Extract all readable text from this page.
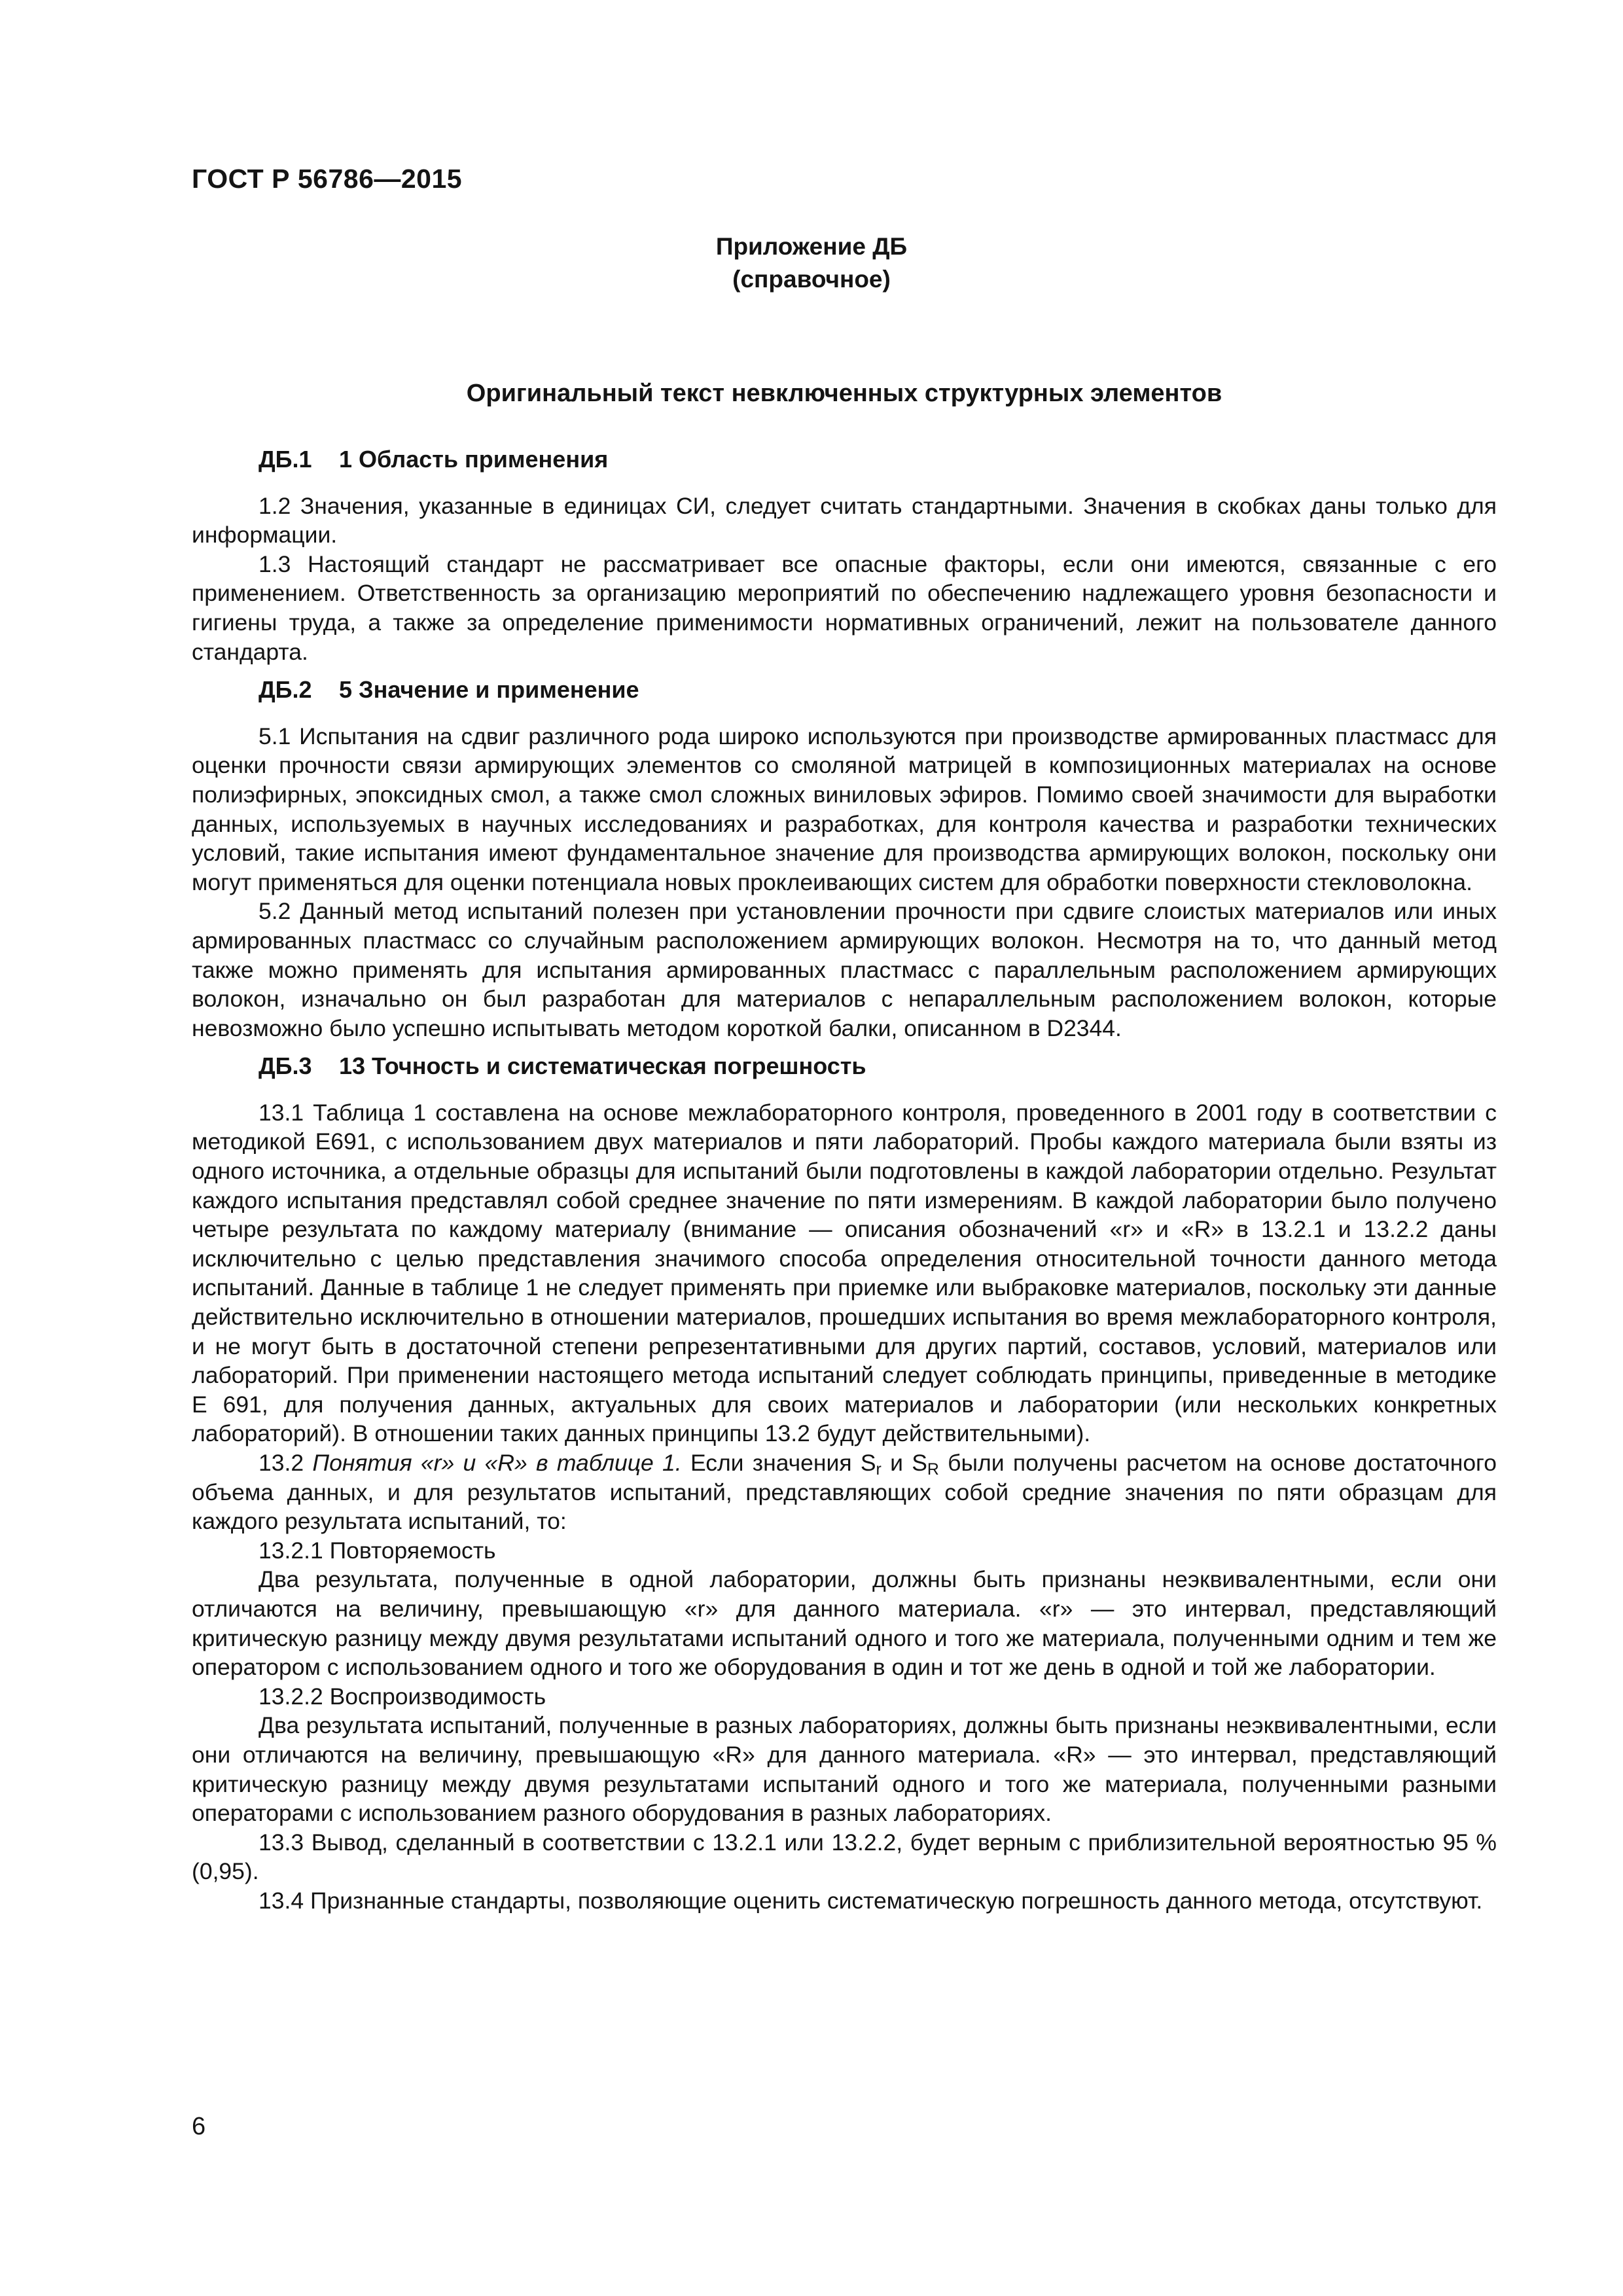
ГОСТ Р 56786—2015
Приложение ДБ
(справочное)
Оригинальный текст невключенных структурных элементов
ДБ.1 1 Область применения

1.2 Значения, указанные в единицах СИ, следует считать стандартными. Значения в скобках даны только для информации.

1.3 Настоящий стандарт не рассматривает все опасные факторы, если они имеются, связанные с его применением. Ответственность за организацию мероприятий по обеспечению надлежащего уровня безопасности и гигиены труда, а также за определение применимости нормативных ограничений, лежит на пользователе данного стандарта.

ДБ.2 5 Значение и применение

5.1 Испытания на сдвиг различного рода широко используются при производстве армированных пластмасс для оценки прочности связи армирующих элементов со смоляной матрицей в композиционных материалах на основе полиэфирных, эпоксидных смол, а также смол сложных виниловых эфиров. Помимо своей значимости для выработки данных, используемых в научных исследованиях и разработках, для контроля качества и разработки технических условий, такие испытания имеют фундаментальное значение для производства армирующих волокон, поскольку они могут применяться для оценки потенциала новых проклеивающих систем для обработки поверхности стекловолокна.

5.2 Данный метод испытаний полезен при установлении прочности при сдвиге слоистых материалов или иных армированных пластмасс со случайным расположением армирующих волокон. Несмотря на то, что данный метод также можно применять для испытания армированных пластмасс с параллельным расположением армирующих волокон, изначально он был разработан для материалов с непараллельным расположением волокон, которые невозможно было успешно испытывать методом короткой балки, описанном в D2344.

ДБ.3 13 Точность и систематическая погрешность

13.1 Таблица 1 составлена на основе межлабораторного контроля, проведенного в 2001 году в соответствии с методикой E691, с использованием двух материалов и пяти лабораторий. Пробы каждого материала были взяты из одного источника, а отдельные образцы для испытаний были подготовлены в каждой лаборатории отдельно. Результат каждого испытания представлял собой среднее значение по пяти измерениям. В каждой лаборатории было получено четыре результата по каждому материалу (внимание — описания обозначений «r» и «R» в 13.2.1 и 13.2.2 даны исключительно с целью представления значимого способа определения относительной точности данного метода испытаний. Данные в таблице 1 не следует применять при приемке или выбраковке материалов, поскольку эти данные действительно исключительно в отношении материалов, прошедших испытания во время межлабораторного контроля, и не могут быть в достаточной степени репрезентативными для других партий, составов, условий, материалов или лабораторий. При применении настоящего метода испытаний следует соблюдать принципы, приведенные в методике E 691, для получения данных, актуальных для своих материалов и лаборатории (или нескольких конкретных лабораторий). В отношении таких данных принципы 13.2 будут действительными).

13.2 Понятия «r» и «R» в таблице 1. Если значения $S_r$ и $S_R$ были получены расчетом на основе достаточного объема данных, и для результатов испытаний, представляющих собой средние значения по пяти образцам для каждого результата испытаний, то:

13.2.1 Повторяемость

Два результата, полученные в одной лаборатории, должны быть признаны неэквивалентными, если они отличаются на величину, превышающую «r» для данного материала. «r» — это интервал, представляющий критическую разницу между двумя результатами испытаний одного и того же материала, полученными одним и тем же оператором с использованием одного и того же оборудования в один и тот же день в одной и той же лаборатории.

13.2.2 Воспроизводимость

Два результата испытаний, полученные в разных лабораториях, должны быть признаны неэквивалентными, если они отличаются на величину, превышающую «R» для данного материала. «R» — это интервал, представляющий критическую разницу между двумя результатами испытаний одного и того же материала, полученными разными операторами с использованием разного оборудования в разных лабораториях.

13.3 Вывод, сделанный в соответствии с 13.2.1 или 13.2.2, будет верным с приблизительной вероятностью 95 % (0,95).

13.4 Признанные стандарты, позволяющие оценить систематическую погрешность данного метода, отсутствуют.

6
